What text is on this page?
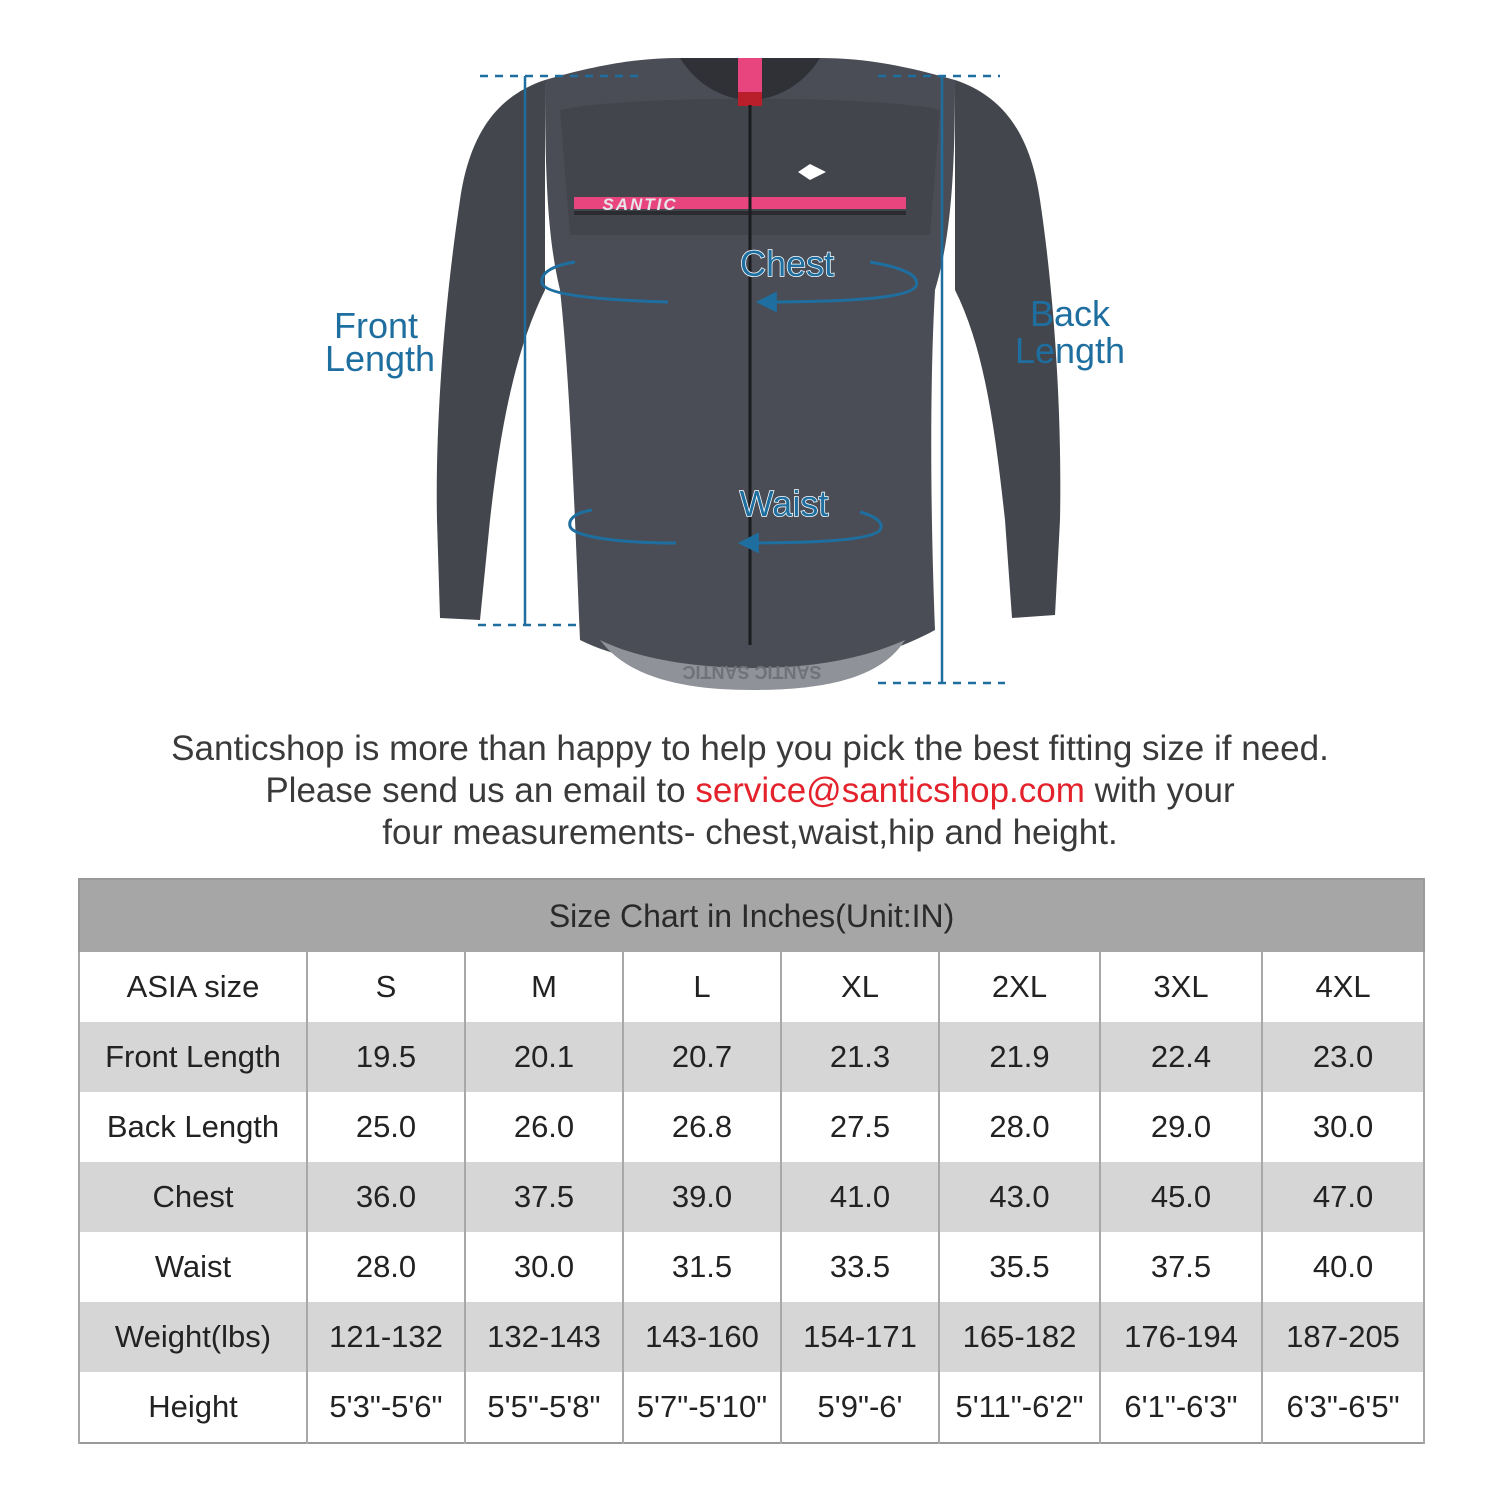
SANTIC
SANTIC SANTIC
Front
Length
Back
Length
Chest
Waist
Santicshop is more than happy to help you pick the best fitting size if need.
Please send us an email to service@santicshop.com with your
four measurements- chest,waist,hip and height.
Size Chart in Inches(Unit:IN)							
ASIA size	S	M	L	XL	2XL	3XL	4XL
Front Length	19.5	20.1	20.7	21.3	21.9	22.4	23.0
Back Length	25.0	26.0	26.8	27.5	28.0	29.0	30.0
Chest	36.0	37.5	39.0	41.0	43.0	45.0	47.0
Waist	28.0	30.0	31.5	33.5	35.5	37.5	40.0
Weight(lbs)	121-132	132-143	143-160	154-171	165-182	176-194	187-205
Height	5'3"-5'6"	5'5"-5'8"	5'7"-5'10"	5'9"-6'	5'11"-6'2"	6'1"-6'3"	6'3"-6'5"
